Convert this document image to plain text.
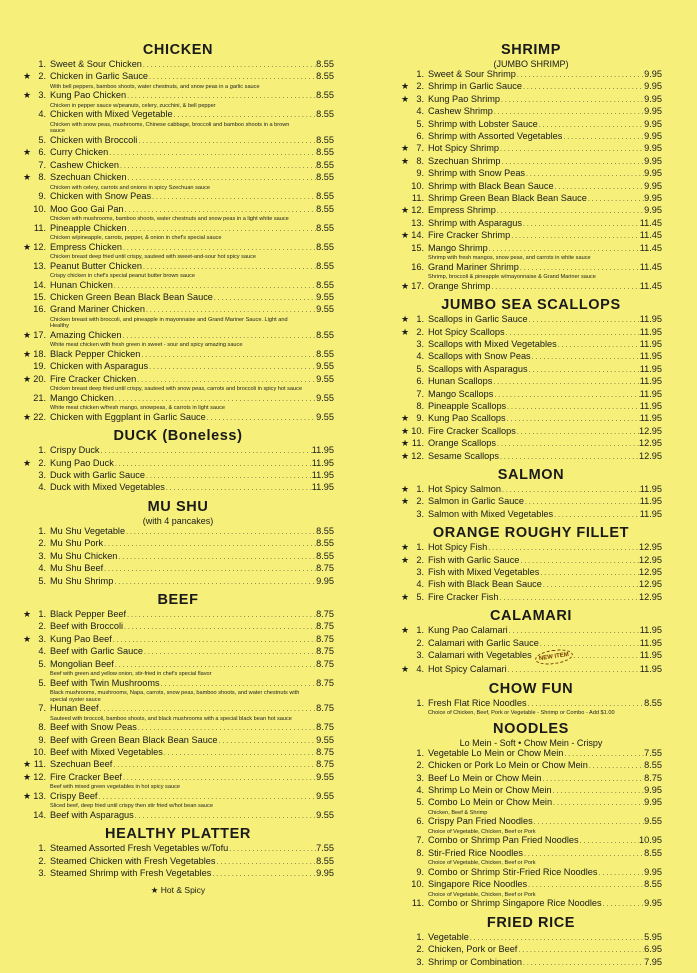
CHICKEN
1. Sweet & Sour Chicken . . .	8.55
★ 2. Chicken in Garlic Sauce . . .	8.55
With bell peppers, bamboo shoots, water chestnuts, and snow peas in a garlic sauce
★ 3. Kung Pao Chicken . . .	8.55
Chicken in pepper sauce w/peanuts, celery, zucchini, & bell pepper
4. Chicken with Mixed Vegetable . . .	8.55
Chicken with snow peas, mushrooms, Chinese cabbage, broccoli and bamboo shoots in a brown sauce
5. Chicken with Broccoli . . .	8.55
★ 6. Curry Chicken . . .	8.55
7. Cashew Chicken . . .	8.55
★ 8. Szechuan Chicken . . .	8.55
Chicken with celery, carrots and onions in spicy Szechuan sauce
9. Chicken with Snow Peas . . .	8.55
10. Moo Goo Gai Pan . . .	8.55
Chicken with mushrooms, bamboo shoots, water chestnuts and snow peas in a light white sauce
11. Pineapple Chicken . . .	8.55
Chicken w/pineapple, carrots, pepper, & onion in chef's special sauce
★ 12. Empress Chicken . . .	8.55
Chicken breast deep fried until crispy, sauteed with sweet-and-sour hot spicy sauce
13. Peanut Butter Chicken . . .	8.55
Crispy chicken in chef's special peanut butter brown sauce
14. Hunan Chicken . . .	8.55
15. Chicken Green Bean Black Bean Sauce . . .	9.55
16. Grand Mariner Chicken . . .	9.55
Chicken breast with broccoli, and pineapple in mayonnaise and Grand Mariner Sauce. Light and Healthy
★ 17. Amazing Chicken . . .	8.55
White meat chicken with fresh green in sweet - sour and spicy amazing sauce
★ 18. Black Pepper Chicken . . .	8.55
19. Chicken with Asparagus . . .	9.55
★ 20. Fire Cracker Chicken . . .	9.55
Chicken breast deep fried until crispy, sauteed with snow peas, carrots and broccoli in spicy hot sauce
21. Mango Chicken . . .	9.55
White meat chicken w/fresh mango, snowpeas, & carrots in light sauce
★ 22. Chicken with Eggplant in Garlic Sauce . . .	9.55
DUCK (Boneless)
1. Crispy Duck . . .	11.95
★ 2. Kung Pao Duck . . .	11.95
3. Duck with Garlic Sauce . . .	11.95
4. Duck with Mixed Vegetables . . .	11.95
MU SHU
(with 4 pancakes)
1. Mu Shu Vegetable . . .	8.55
2. Mu Shu Pork . . .	8.55
3. Mu Shu Chicken . . .	8.55
4. Mu Shu Beef . . .	8.75
5. Mu Shu Shrimp . . .	9.95
BEEF
★ 1. Black Pepper Beef . . .	8.75
2. Beef with Broccoli . . .	8.75
★ 3. Kung Pao Beef . . .	8.75
4. Beef with Garlic Sauce . . .	8.75
5. Mongolian Beef . . .	8.75
Beef with green and yellow onion, stir-fried in chef's special flavor
5. Beef with Twin Mushrooms . . .	8.75
Black mushrooms, mushrooms, Napa, carrots, snow peas, bamboo shoots, and water chestnuts with special oyster sauce
7. Hunan Beef . . .	8.75
Sauteed with broccoli, bamboo shoots, and black mushrooms with a special black bean hot sauce
8. Beef with Snow Peas . . .	8.75
9. Beef with Green Bean Black Bean Sauce . . .	9.55
10. Beef with Mixed Vegetables . . .	8.75
★ 11. Szechuan Beef . . .	8.75
★ 12. Fire Cracker Beef . . .	9.55
Beef with mixed green vegetables in hot spicy sauce
★ 13. Crispy Beef . . .	9.55
Sliced beef, deep fried until crispy then stir fried w/hot bean sauce
14. Beef with Asparagus . . .	9.55
HEALTHY PLATTER
1. Steamed Assorted Fresh Vegetables w/Tofu . . .	7.55
2. Steamed Chicken with Fresh Vegetables . . .	8.55
3. Steamed Shrimp with Fresh Vegetables . . .	9.95
★ Hot & Spicy
SHRIMP
(JUMBO SHRIMP)
1. Sweet & Sour Shrimp . . .	9.95
★ 2. Shrimp in Garlic Sauce . . .	9.95
★ 3. Kung Pao Shrimp . . .	9.95
4. Cashew Shrimp . . .	9.95
5. Shrimp with Lobster Sauce . . .	9.95
6. Shrimp with Assorted Vegetables . . .	9.95
★ 7. Hot Spicy Shrimp . . .	9.95
★ 8. Szechuan Shrimp . . .	9.95
9. Shrimp with Snow Peas . . .	9.95
10. Shrimp with Black Bean Sauce . . .	9.95
11. Shrimp Green Bean Black Bean Sauce . . .	9.95
★ 12. Empress Shrimp . . .	9.95
13. Shrimp with Asparagus . . .	11.45
★ 14. Fire Cracker Shrimp . . .	11.45
15. Mango Shrimp . . .	11.45
Shrimp with fresh mangos, snow peas, and carrots in white sauce
16. Grand Mariner Shrimp . . .	11.45
Shrimp, broccoli & pineapple w/mayonnaise & Grand Mariner sauce
★ 17. Orange Shrimp . . .	11.45
JUMBO SEA SCALLOPS
★ 1. Scallops in Garlic Sauce . . .	11.95
★ 2. Hot Spicy Scallops . . .	11.95
3. Scallops with Mixed Vegetables . . .	11.95
4. Scallops with Snow Peas . . .	11.95
5. Scallops with Asparagus . . .	11.95
6. Hunan Scallops . . .	11.95
7. Mango Scallops . . .	11.95
8. Pineapple Scallops . . .	11.95
★ 9. Kung Pao Scallops . . .	11.95
★ 10. Fire Cracker Scallops . . .	12.95
★ 11. Orange Scallops . . .	12.95
★ 12. Sesame Scallops . . .	12.95
SALMON
★ 1. Hot Spicy Salmon . . .	11.95
★ 2. Salmon in Garlic Sauce . . .	11.95
3. Salmon with Mixed Vegetables . . .	11.95
ORANGE ROUGHY FILLET
★ 1. Hot Spicy Fish . . .	12.95
★ 2. Fish with Garlic Sauce . . .	12.95
3. Fish with Mixed Vegetables . . .	12.95
4. Fish with Black Bean Sauce . . .	12.95
★ 5. Fire Cracker Fish . . .	12.95
CALAMARI
★ 1. Kung Pao Calamari . . .	11.95
2. Calamari with Garlic Sauce . . .	11.95
3. Calamari with Vegetables	NEW ITEM . . .	11.95
★ 4. Hot Spicy Calamari . . .	11.95
CHOW FUN
1. Fresh Flat Rice Noodles . . .	8.55
Choice of Chicken, Beef, Pork or Vegetable - Shrimp or Combo - Add $1.00
NOODLES
Lo Mein - Soft • Chow Mein - Crispy
1. Vegetable Lo Mein or Chow Mein . . .	7.55
2. Chicken or Pork Lo Mein or Chow Mein . . .	8.55
3. Beef Lo Mein or Chow Mein . . .	8.75
4. Shrimp Lo Mein or Chow Mein . . .	9.95
5. Combo Lo Mein or Chow Mein . . .	9.95
Chicken, Beef & Shrimp
6. Crispy Pan Fried Noodles . . .	9.55
Choice of Vegetable, Chicken, Beef or Pork
7. Combo or Shrimp Pan Fried Noodles . . .	10.95
8. Stir-Fried Rice Noodles . . .	8.55
Choice of Vegetable, Chicken, Beef or Pork
9. Combo or Shrimp Stir-Fried Rice Noodles . . .	9.95
10. Singapore Rice Noodles . . .	8.55
Choice of Vegetable, Chicken, Beef or Pork
11. Combo or Shrimp Singapore Rice Noodles . . .	9.95
FRIED RICE
1. Vegetable . . .	5.95
2. Chicken, Pork or Beef . . .	6.95
3. Shrimp or Combination . . .	7.95
